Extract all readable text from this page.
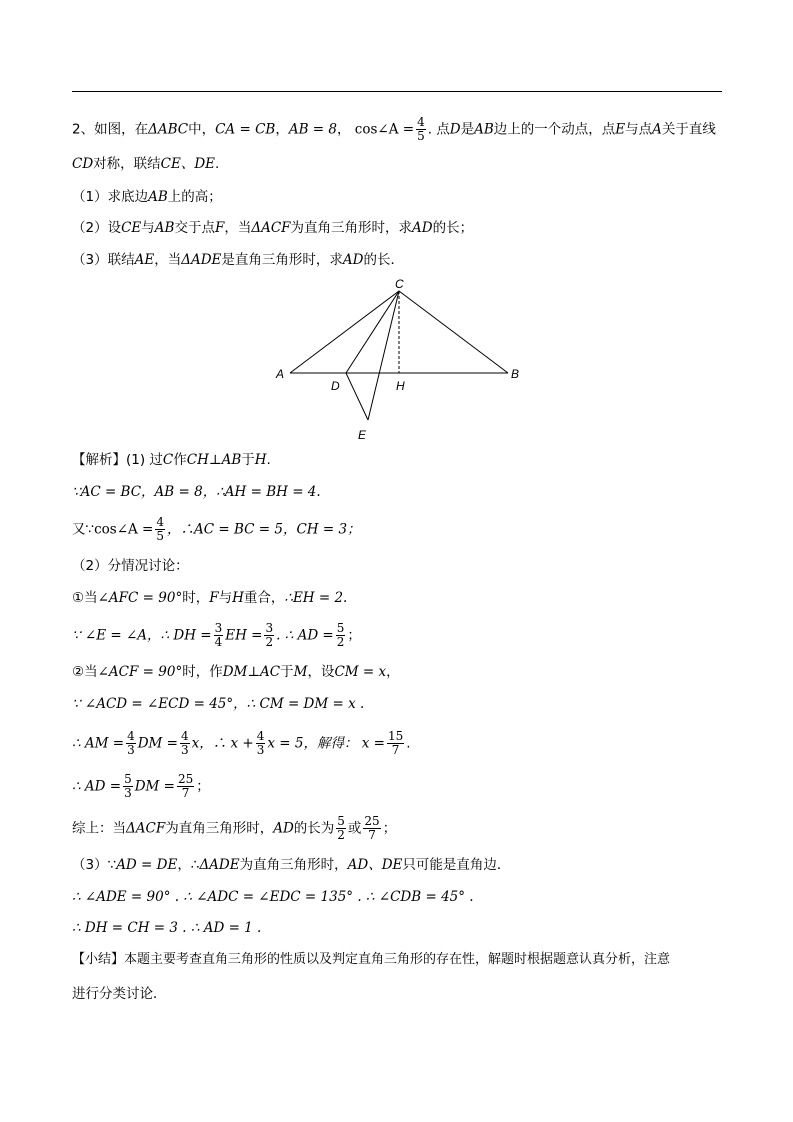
2、如图，在ΔABC中，CA = CB，AB = 8， cos∠A = $\frac{4}{5}$ . 点D是AB边上的一个动点，点E与点A关于直线
CD对称，联结CE、DE.
（1）求底边AB上的高；
（2）设CE与AB交于点F，当ΔACF为直角三角形时，求AD的长；
（3）联结AE，当ΔADE是直角三角形时，求AD的长．
C
A
D	H
B
E
【解析】(1) 过C作CH⊥AB于H.
∵AC = BC，AB = 8，∴AH = BH = 4.
又∵cos∠A = $\frac{4}{5}$ ，∴AC = BC = 5，CH = 3；
（2）分情况讨论：
①当∠AFC = 90°时，F与H重合，∴EH = 2.
∵ ∠E = ∠A，∴ DH = $\frac{3}{4}$ EH = $\frac{3}{2}$ . ∴ AD = $\frac{5}{2}$ ；
②当∠ACF = 90°时，作DM⊥AC于M，设CM = x，
∵ ∠ACD = ∠ECD = 45°，∴ CM = DM = x .
∴ AM = $\frac{4}{3}$ DM = $\frac{4}{3}$ x，∴ $x + \frac{4}{3}$ x = 5，解得： $x = \frac{15}{7}$ .
∴ AD = $\frac{5}{3}$ DM = $\frac{25}{7}$ ；
综上：当ΔACF为直角三角形时，AD的长为 $\frac{5}{2}$ 或 $\frac{25}{7}$ ；
（3）∵AD = DE，∴ΔADE为直角三角形时，AD、DE只可能是直角边．
∴ ∠ADE = 90° . ∴ ∠ADC = ∠EDC = 135° . ∴ ∠CDB = 45° .
∴ DH = CH = 3 . ∴ AD = 1 .
【小结】本题主要考查直角三角形的性质以及判定直角三角形的存在性，解题时根据题意认真分析，注意
进行分类讨论．
